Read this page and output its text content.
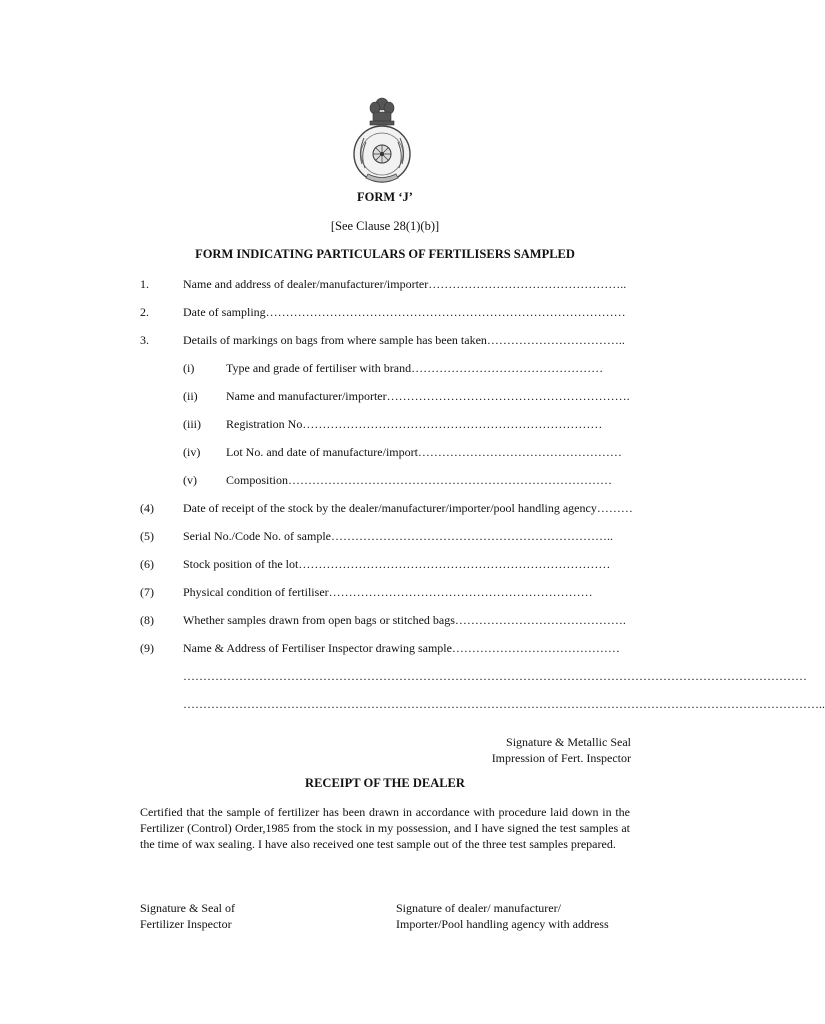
FORM ‘J’
[See Clause 28(1)(b)]
FORM INDICATING PARTICULARS OF FERTILISERS SAMPLED
1.	Name and address of dealer/manufacturer/importer…………………………………………..
2.	Date of sampling………………………………………………………………………………
3.	Details of markings on bags from where sample has been taken……………………………..
(i)	Type and grade of fertiliser with brand…………………………………………
(ii) Name and manufacturer/importer…………………………………………………….
(iii) Registration No…………………………………………………………………
(iv) Lot No. and date of manufacture/import……………………………………………
(v) Composition………………………………………………………………………
(4) Date of receipt of the stock by the dealer/manufacturer/importer/pool handling agency………
(5) Serial No./Code No. of sample……………………………………………………………..
(6) Stock position of the lot……………………………………………………………………
(7) Physical condition of fertiliser…………………………………………………………
(8) Whether samples drawn from open bags or stitched bags…………………………………….
(9) Name & Address of Fertiliser Inspector drawing sample……………………………………
…………………………………………………………………………………………………………………………………………
……………………………………………………………………………………………………………………………………………..
Signature & Metallic Seal
Impression of Fert. Inspector
RECEIPT OF THE DEALER
Certified that the sample of fertilizer has been drawn in accordance with procedure laid down in the Fertilizer (Control) Order,1985 from the stock in my possession, and I have signed the test samples at the time of wax sealing. I have also received one test sample out of the three test samples prepared.
Signature & Seal of
Fertilizer Inspector
Signature of dealer/ manufacturer/
Importer/Pool handling agency with address
